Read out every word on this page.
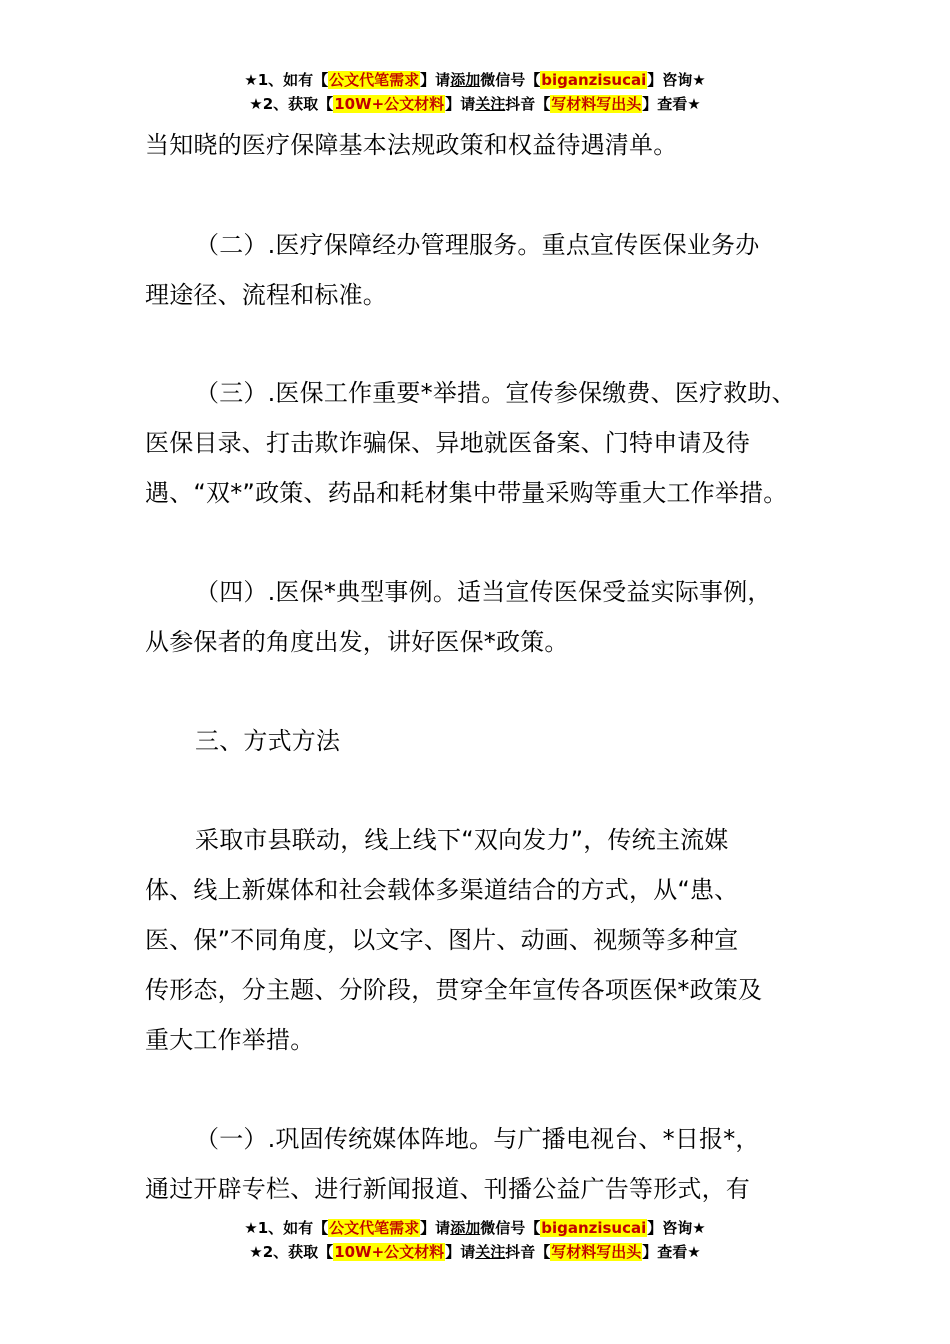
★1、如有【公文代笔需求】请添加微信号【biganzisucai】咨询★
★2、获取【10W+公文材料】请关注抖音【写材料写出头】查看★
当知晓的医疗保障基本法规政策和权益待遇清单。
（二）.医疗保障经办管理服务。重点宣传医保业务办
理途径、流程和标准。
（三）.医保工作重要*举措。宣传参保缴费、医疗救助、
医保目录、打击欺诈骗保、异地就医备案、门特申请及待
遇、“双*”政策、药品和耗材集中带量采购等重大工作举措。
（四）.医保*典型事例。适当宣传医保受益实际事例，
从参保者的角度出发，讲好医保*政策。
三、方式方法
采取市县联动，线上线下“双向发力”，传统主流媒
体、线上新媒体和社会载体多渠道结合的方式，从“患、
医、保”不同角度，以文字、图片、动画、视频等多种宣
传形态，分主题、分阶段，贯穿全年宣传各项医保*政策及
重大工作举措。
（一）.巩固传统媒体阵地。与广播电视台、*日报*，
通过开辟专栏、进行新闻报道、刊播公益广告等形式，有
★1、如有【公文代笔需求】请添加微信号【biganzisucai】咨询★
★2、获取【10W+公文材料】请关注抖音【写材料写出头】查看★
